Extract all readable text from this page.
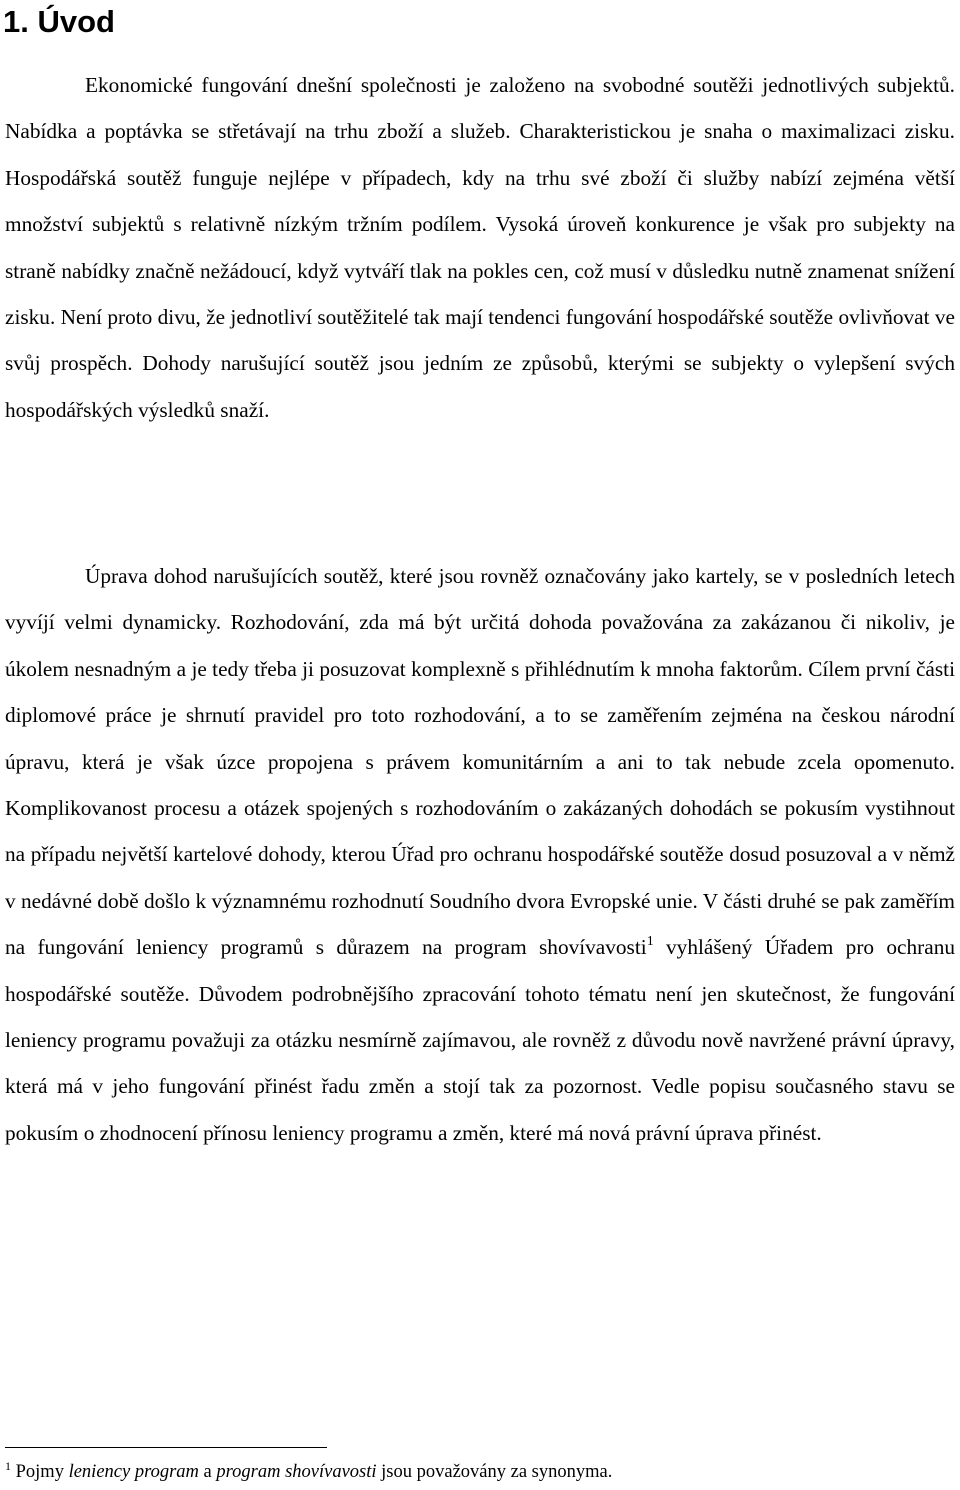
1. Úvod

Ekonomické fungování dnešní společnosti je založeno na svobodné soutěži jednotlivých subjektů. Nabídka a poptávka se střetávají na trhu zboží a služeb. Charakteristickou je snaha o maximalizaci zisku. Hospodářská soutěž funguje nejlépe v případech, kdy na trhu své zboží či služby nabízí zejména větší množství subjektů s relativně nízkým tržním podílem. Vysoká úroveň konkurence je však pro subjekty na straně nabídky značně nežádoucí, když vytváří tlak na pokles cen, což musí v důsledku nutně znamenat snížení zisku. Není proto divu, že jednotliví soutěžitelé tak mají tendenci fungování hospodářské soutěže ovlivňovat ve svůj prospěch. Dohody narušující soutěž jsou jedním ze způsobů, kterými se subjekty o vylepšení svých hospodářských výsledků snaží.

Úprava dohod narušujících soutěž, které jsou rovněž označovány jako kartely, se v posledních letech vyvíjí velmi dynamicky. Rozhodování, zda má být určitá dohoda považována za zakázanou či nikoliv, je úkolem nesnadným a je tedy třeba ji posuzovat komplexně s přihlédnutím k mnoha faktorům. Cílem první části diplomové práce je shrnutí pravidel pro toto rozhodování, a to se zaměřením zejména na českou národní úpravu, která je však úzce propojena s právem komunitárním a ani to tak nebude zcela opomenuto. Komplikovanost procesu a otázek spojených s rozhodováním o zakázaných dohodách se pokusím vystihnout na případu největší kartelové dohody, kterou Úřad pro ochranu hospodářské soutěže dosud posuzoval a v němž v nedávné době došlo k významnému rozhodnutí Soudního dvora Evropské unie. V části druhé se pak zaměřím na fungování leniency programů s důrazem na program shovívavosti$^1$ vyhlášený Úřadem pro ochranu hospodářské soutěže. Důvodem podrobnějšího zpracování tohoto tématu není jen skutečnost, že fungování leniency programu považuji za otázku nesmírně zajímavou, ale rovněž z důvodu nově navržené právní úpravy, která má v jeho fungování přinést řadu změn a stojí tak za pozornost. Vedle popisu současného stavu se pokusím o zhodnocení přínosu leniency programu a změn, které má nová právní úprava přinést.

$^1$ Pojmy leniency program a program shovívavosti jsou považovány za synonyma.
